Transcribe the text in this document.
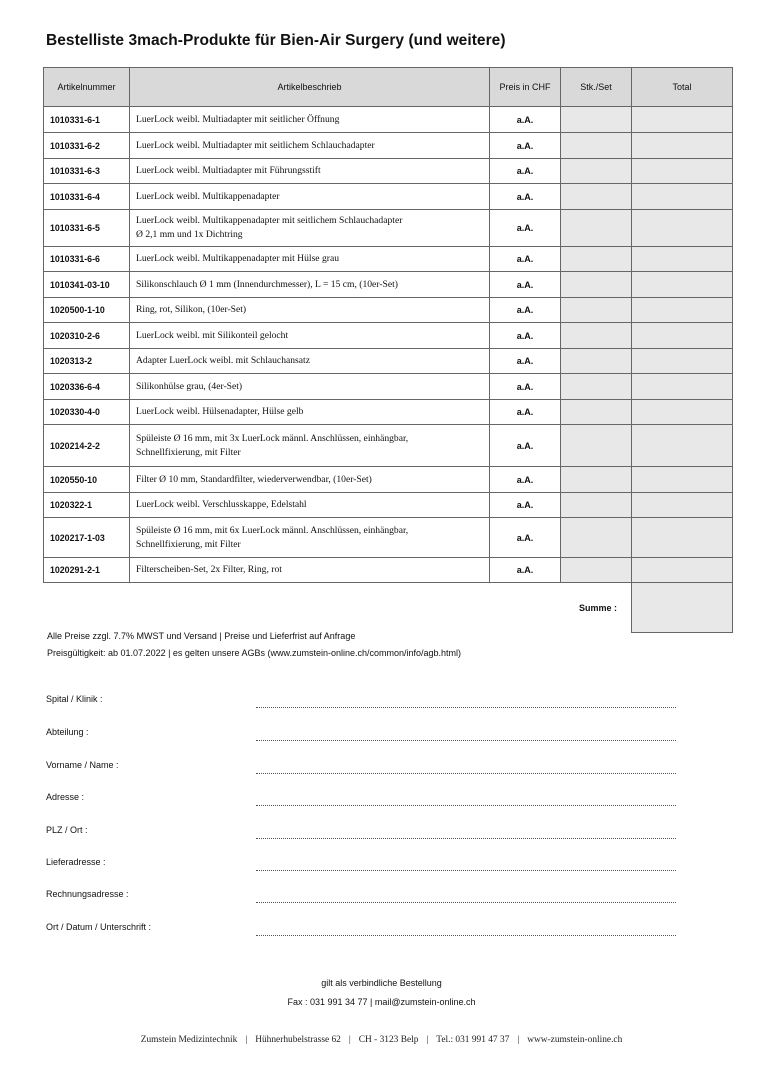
Bestelliste 3mach-Produkte für Bien-Air Surgery (und weitere)
Artikelnummer	Artikelbeschrieb	Preis in CHF	Stk./Set	Total
1010331-6-1	LuerLock weibl. Multiadapter mit seitlicher Öffnung	a.A.		
1010331-6-2	LuerLock weibl. Multiadapter mit seitlichem Schlauchadapter	a.A.		
1010331-6-3	LuerLock weibl. Multiadapter mit Führungsstift	a.A.		
1010331-6-4	LuerLock weibl. Multikappenadapter	a.A.		
1010331-6-5	LuerLock weibl. Multikappenadapter mit seitlichem Schlauchadapter
Ø 2,1 mm und 1x Dichtring	a.A.		
1010331-6-6	LuerLock weibl. Multikappenadapter mit Hülse grau	a.A.		
1010341-03-10	Silikonschlauch Ø 1 mm (Innendurchmesser), L = 15 cm, (10er-Set)	a.A.		
1020500-1-10	Ring, rot, Silikon, (10er-Set)	a.A.		
1020310-2-6	LuerLock weibl. mit Silikonteil gelocht	a.A.		
1020313-2	Adapter LuerLock weibl. mit Schlauchansatz	a.A.		
1020336-6-4	Silikonhülse grau, (4er-Set)	a.A.		
1020330-4-0	LuerLock weibl. Hülsenadapter, Hülse gelb	a.A.		
1020214-2-2	Spüleiste Ø 16 mm, mit 3x LuerLock männl. Anschlüssen, einhängbar,
Schnellfixierung, mit Filter	a.A.		
1020550-10	Filter Ø 10 mm, Standardfilter, wiederverwendbar, (10er-Set)	a.A.		
1020322-1	LuerLock weibl. Verschlusskappe, Edelstahl	a.A.		
1020217-1-03	Spüleiste Ø 16 mm, mit 6x LuerLock männl. Anschlüssen, einhängbar,
Schnellfixierung, mit Filter	a.A.		
1020291-2-1	Filterscheiben-Set, 2x Filter, Ring, rot	a.A.		
			Summe :	
Alle Preise zzgl. 7.7% MWST und Versand | Preise und Lieferfrist auf Anfrage
Preisgültigkeit: ab 01.07.2022 | es gelten unsere AGBs (www.zumstein-online.ch/common/info/agb.html)
Spital / Klinik :
Abteilung :
Vorname / Name :
Adresse :
PLZ / Ort :
Lieferadresse :
Rechnungsadresse :
Ort / Datum / Unterschrift :
gilt als verbindliche Bestellung
Fax : 031 991 34 77 | mail@zumstein-online.ch
Zumstein Medizintechnik | Hühnerhubelstrasse 62 | CH - 3123 Belp | Tel.: 031 991 47 37 | www-zumstein-online.ch
